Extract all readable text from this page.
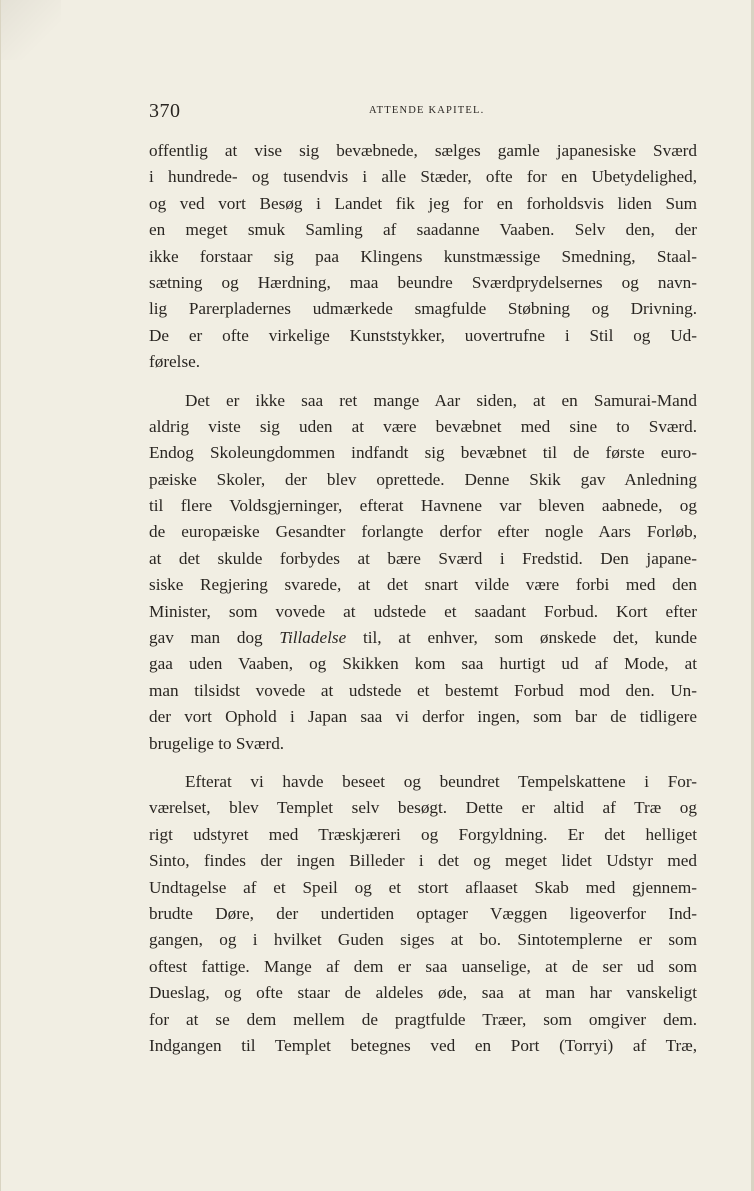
370	ATTENDE KAPITEL.
offentlig at vise sig bevæbnede, sælges gamle japanesiske Sværd
i hundrede- og tusendvis i alle Stæder, ofte for en Ubetydelighed,
og ved vort Besøg i Landet fik jeg for en forholdsvis liden Sum
en meget smuk Samling af saadanne Vaaben. Selv den, der
ikke forstaar sig paa Klingens kunstmæssige Smedning, Staal-
sætning og Hærdning, maa beundre Sværdprydelsernes og navn-
lig Parerpladernes udmærkede smagfulde Støbning og Drivning.
De er ofte virkelige Kunststykker, uovertrufne i Stil og Ud-
førelse.
Det er ikke saa ret mange Aar siden, at en Samurai-Mand
aldrig viste sig uden at være bevæbnet med sine to Sværd.
Endog Skoleungdommen indfandt sig bevæbnet til de første euro-
pæiske Skoler, der blev oprettede. Denne Skik gav Anledning
til flere Voldsgjerninger, efterat Havnene var bleven aabnede, og
de europæiske Gesandter forlangte derfor efter nogle Aars Forløb,
at det skulde forbydes at bære Sværd i Fredstid. Den japane-
siske Regjering svarede, at det snart vilde være forbi med den
Minister, som vovede at udstede et saadant Forbud. Kort efter
gav man dog Tilladelse til, at enhver, som ønskede det, kunde
gaa uden Vaaben, og Skikken kom saa hurtigt ud af Mode, at
man tilsidst vovede at udstede et bestemt Forbud mod den. Un-
der vort Ophold i Japan saa vi derfor ingen, som bar de tidligere
brugelige to Sværd.
Efterat vi havde beseet og beundret Tempelskattene i For-
værelset, blev Templet selv besøgt. Dette er altid af Træ og
rigt udstyret med Træskjæreri og Forgyldning. Er det helliget
Sinto, findes der ingen Billeder i det og meget lidet Udstyr med
Undtagelse af et Speil og et stort aflaaset Skab med gjennem-
brudte Døre, der undertiden optager Væggen ligeoverfor Ind-
gangen, og i hvilket Guden siges at bo. Sintotemplerne er som
oftest fattige. Mange af dem er saa uanselige, at de ser ud som
Dueslag, og ofte staar de aldeles øde, saa at man har vanskeligt
for at se dem mellem de pragtfulde Træer, som omgiver dem.
Indgangen til Templet betegnes ved en Port (Torryi) af Træ,
